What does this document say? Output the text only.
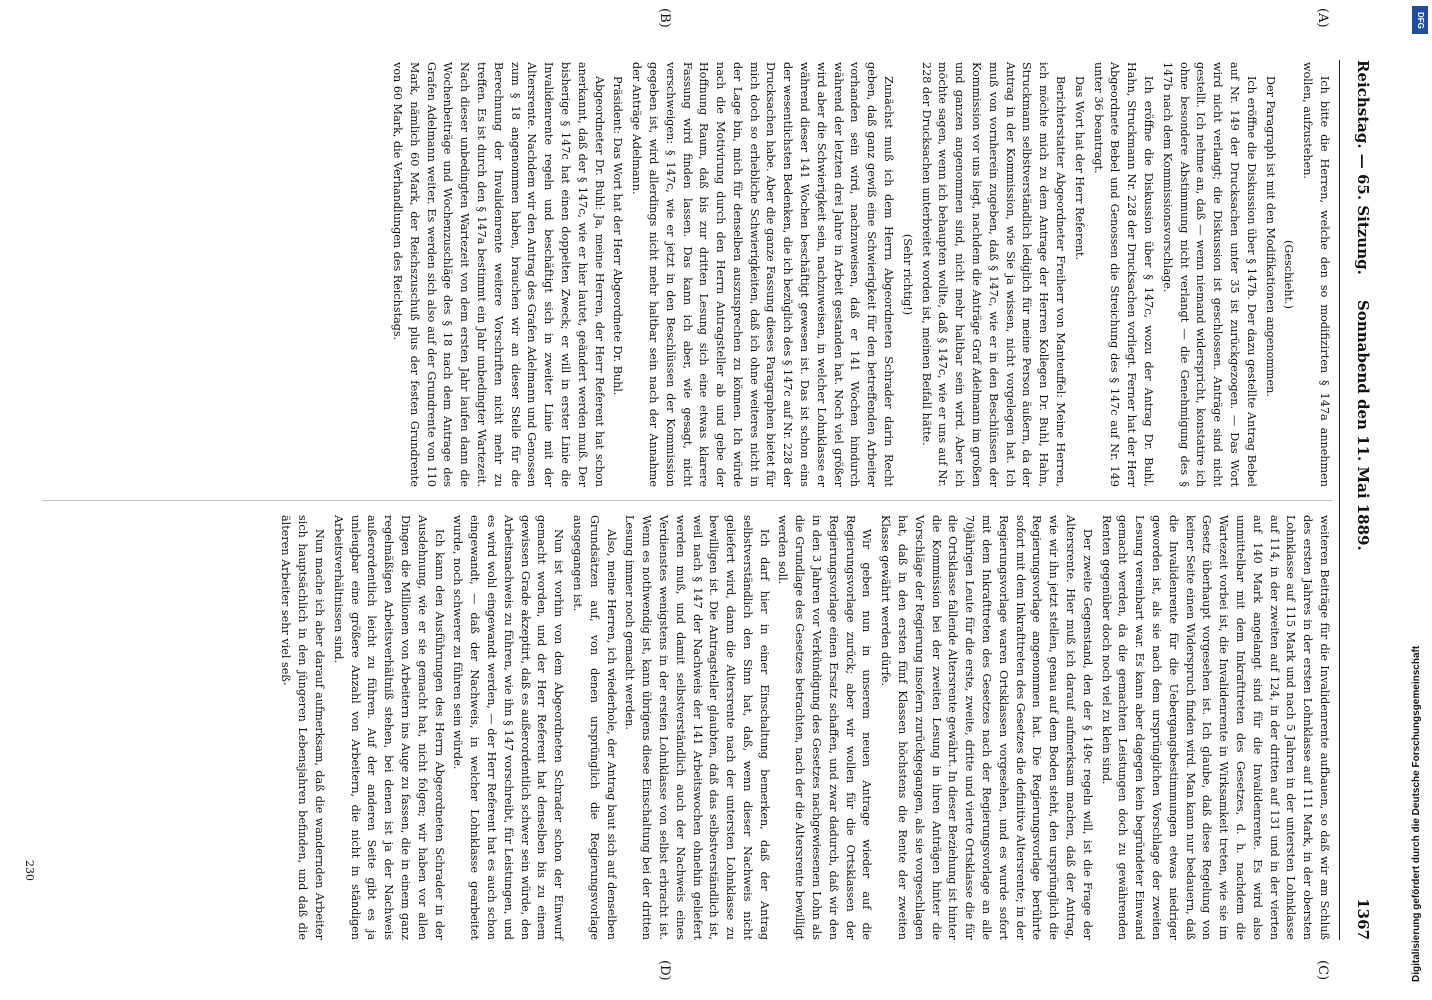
Reichstag. — 65. Sitzung.
Sonnabend den 11. Mai 1889.
1367
(A)
(B)
(C)
(D)

Ich bitte die Herren, welche den so modifizirten § 147a annehmen wollen, aufzustehen.

(Geschieht.)

Der Paragraph ist mit den Modifikationen angenommen.

Ich eröffne die Diskussion über § 147b. Der dazu gestellte Antrag Bebel auf Nr. 149 der Drucksachen unter 35 ist zurückgezogen. — Das Wort wird nicht verlangt; die Diskussion ist geschlossen. Anträge sind nicht gestellt. Ich nehme an, daß — wenn niemand widerspricht, konstatire ich ohne besondere Abstimmung nicht verlangt — die Genehmigung des § 147b nach dem Kommissionsvorschlage.

Ich eröffne die Diskussion über § 147c, wozu der Antrag Dr. Buhl, Hahn, Struckmann Nr. 228 der Drucksachen vorliegt. Ferner hat der Herr Abgeordnete Bebel und Genossen die Streichung des § 147c auf Nr. 149 unter 36 beantragt.

Das Wort hat der Herr Referent.

Berichterstatter Abgeordneter Freiherr von Manteuffel: Meine Herren, ich möchte mich zu dem Antrage der Herren Kollegen Dr. Buhl, Hahn, Struckmann selbstverständlich lediglich für meine Person äußern, da der Antrag in der Kommission, wie Sie ja wissen, nicht vorgelegen hat. Ich muß von vornherein zugeben, daß § 147c, wie er in den Beschlüssen der Kommission vor uns liegt, nachdem die Anträge Graf Adelmann im großen und ganzen angenommen sind, nicht mehr haltbar sein wird. Aber ich möchte sagen, wenn ich behaupten wollte, daß § 147c, wie er uns auf Nr. 228 der Drucksachen unterbreitet worden ist, meinen Beifall hätte.

(Sehr richtig!)

Zunächst muß ich dem Herrn Abgeordneten Schrader darin Recht geben, daß ganz gewiß eine Schwierigkeit für den betreffenden Arbeiter vorhanden sein wird, nachzuweisen, daß er 141 Wochen hindurch während der letzten drei Jahre in Arbeit gestanden hat. Noch viel größer wird aber die Schwierigkeit sein, nachzuweisen, in welcher Lohnklasse er während dieser 141 Wochen beschäftigt gewesen ist. Das ist schon eins der wesentlichsten Bedenken, die ich bezüglich des § 147c auf Nr. 228 der Drucksachen habe. Aber die ganze Fassung dieses Paragraphen bietet für mich doch so erhebliche Schwierigkeiten, daß ich ohne weiteres nicht in der Lage bin, mich für denselben auszusprechen zu können. Ich würde nach die Motivirung durch den Herrn Antragsteller ab und gebe der Hoffnung Raum, daß bis zur dritten Lesung sich eine etwas klarere Fassung wird finden lassen. Das kann ich aber, wie gesagt, nicht verschweigen: § 147c, wie er jetzt in den Beschlüssen der Kommission gegeben ist, wird allerdings nicht mehr haltbar sein nach der Annahme der Anträge Adelmann.

Präsident: Das Wort hat der Herr Abgeordnete Dr. Buhl.

Abgeordneter Dr. Buhl: Ja, meine Herren, der Herr Referent hat schon anerkannt, daß der § 147c, wie er hier lautet, geändert werden muß. Der bisherige § 147c hat einen doppelten Zweck; er will in erster Linie die Invalidenrente regeln und beschäftigt sich in zweiter Linie mit der Altersrente. Nachdem wir den Antrag des Grafen Adelmann und Genossen zum § 18 angenommen haben, brauchen wir an dieser Stelle für die Berechnung der Invalidenrente weitere Vorschriften nicht mehr zu treffen. Es ist durch den § 147a bestimmt ein Jahr unbedingter Wartezeit. Nach dieser unbedingten Wartezeit von dem ersten Jahr laufen dann die Wochenbeiträge und Wochenzuschläge des § 18 nach dem Antrage des Grafen Adelmann weiter. Es werden sich also auf der Grundrente von 110 Mark, nämlich 60 Mark, der Reichszuschuß plus der festen Grundrente von 60 Mark, die Verhandlungen des Reichstags.

weiteren Beiträge für die Invalidenrente aufbauen, so daß wir am Schluß des ersten Jahres in der ersten Lohnklasse auf 111 Mark, in der obersten Lohnklasse auf 115 Mark und nach 5 Jahren in der untersten Lohnklasse auf 114, in der zweiten auf 124, in der dritten auf 131 und in der vierten auf 140 Mark angelangt sind für die Invalidenrente. Es wird also unmittelbar mit dem Inkrafttreten des Gesetzes, d. h. nachdem die Wartezeit vorbei ist, die Invalidenrente in Wirksamkeit treten, wie sie im Gesetz überhaupt vorgesehen ist. Ich glaube, daß diese Regelung von keiner Seite einen Widerspruch finden wird. Man kann nur bedauern, daß die Invalidenrente für die Uebergangsbestimmungen etwas niedriger geworden ist, als sie nach dem ursprünglichen Vorschlage der zweiten Lesung vereinbart war. Es kann aber dagegen kein begründeter Einwand gemacht werden, da die gemachten Leistungen doch zu gewährenden Renten gegenüber doch noch viel zu klein sind.

Der zweite Gegenstand, den der § 149c regeln will, ist die Frage der Altersrente. Hier muß ich darauf aufmerksam machen, daß der Antrag, wie wir ihn jetzt stellen, genau auf dem Boden steht, den ursprünglich die Regierungsvorlage angenommen hat. Die Regierungsvorlage berührte sofort mit dem Inkrafttreten des Gesetzes die definitive Altersrente; in der Regierungsvorlage waren Ortsklassen vorgesehen, und es wurde sofort mit dem Inkrafttreten des Gesetzes nach der Regierungsvorlage an alle 70jährigen Leute für die erste, zweite, dritte und vierte Ortsklasse die für die Ortsklasse fallende Altersrente gewährt. In dieser Beziehung ist hinter die Kommission bei der zweiten Lesung in ihren Anträgen hinter die Vorschläge der Regierung insofern zurückgegangen, als sie vorgeschlagen hat, daß in den ersten fünf Klassen höchstens die Rente der zweiten Klasse gewährt werden dürfe.

Wir geben nun in unserem neuen Antrage wieder auf die Regierungsvorlage zurück; aber wir wollen für die Ortsklassen der Regierungsvorlage einen Ersatz schaffen, und zwar dadurch, daß wir den in den 3 Jahren vor Verkündigung des Gesetzes nachgewiesenen Lohn als die Grundlage des Gesetzes betrachten, nach der die Altersrente bewilligt werden soll.

Ich darf hier in einer Einschaltung bemerken, daß der Antrag selbstverständlich den Sinn hat, daß, wenn dieser Nachweis nicht geliefert wird, dann die Altersrente nach der untersten Lohnklasse zu bewilligen ist. Die Antragsteller glaubten, daß das selbstverständlich ist, weil nach § 147 der Nachweis der 141 Arbeitswochen ohnehin geliefert werden muß, und damit selbstverständlich auch der Nachweis eines Verdienstes wenigstens in der ersten Lohnklasse von selbst erbracht ist. Wenn es nothwendig ist, kann übrigens diese Einschaltung bei der dritten Lesung immer noch gemacht werden.

Also, meine Herren, ich wiederhole, der Antrag baut sich auf denselben Grundsätzen auf, von denen ursprünglich die Regierungsvorlage ausgegangen ist.

Nun ist vorhin von dem Abgeordneten Schrader schon der Einwurf gemacht worden, und der Herr Referent hat denselben bis zu einem gewissen Grade akzeptirt, daß es außerordentlich schwer sein würde, den Arbeitsnachweis zu führen, wie ihn § 147 vorschreibt, für Leistungen, und es wird wohl eingewandt werden, — der Herr Referent hat es auch schon eingewandt, — daß der Nachweis, in welcher Lohnklasse gearbeitet wurde, noch schwerer zu führen sein würde.

Ich kann den Ausführungen des Herrn Abgeordneten Schrader in der Ausdehnung, wie er sie gemacht hat, nicht folgen; wir haben vor allen Dingen die Millionen von Arbeitern ins Auge zu fassen, die in einem ganz regelmäßigen Arbeitsverhältniß stehen, bei denen ist ja der Nachweis außerordentlich leicht zu führen. Auf der anderen Seite gibt es ja unleugbar eine größere Anzahl von Arbeitern, die nicht in ständigen Arbeitsverhältnissen sind.

Nun mache ich aber darauf aufmerksam, daß die wandernden Arbeiter sich hauptsächlich in den jüngeren Lebensjahren befinden, und daß die älteren Arbeiter sehr viel seß-

230
DFG
Digitalisierung gefördert durch die Deutsche Forschungsgemeinschaft
